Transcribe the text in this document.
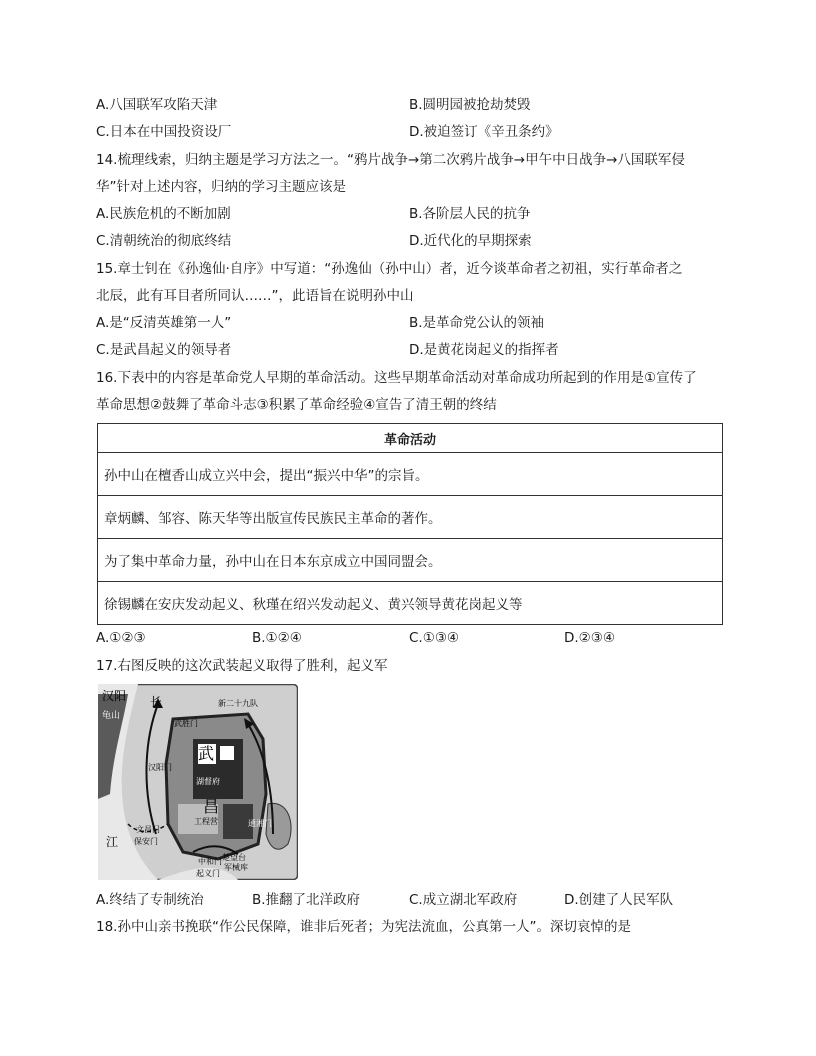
A.八国联军攻陷天津	B.圆明园被抢劫焚毁
C.日本在中国投资设厂	D.被迫签订《辛丑条约》
14.梳理线索，归纳主题是学习方法之一。“鸦片战争→第二次鸦片战争→甲午中日战争→八国联军侵
华”针对上述内容，归纳的学习主题应该是
A.民族危机的不断加剧	B.各阶层人民的抗争
C.清朝统治的彻底终结	D.近代化的早期探索
15.章士钊在《孙逸仙·自序》中写道：“孙逸仙（孙中山）者，近今谈革命者之初祖，实行革命者之
北辰，此有耳目者所同认……”，此语旨在说明孙中山
A.是“反清英雄第一人”	B.是革命党公认的领袖
C.是武昌起义的领导者	D.是黄花岗起义的指挥者
16.下表中的内容是革命党人早期的革命活动。这些早期革命活动对革命成功所起到的作用是①宣传了
革命思想②鼓舞了革命斗志③积累了革命经验④宣告了清王朝的终结
革命活动
孙中山在檀香山成立兴中会，提出“振兴中华”的宗旨。
章炳麟、邹容、陈天华等出版宣传民族民主革命的著作。
为了集中革命力量，孙中山在日本东京成立中国同盟会。
徐锡麟在安庆发动起义、秋瑾在绍兴发动起义、黄兴领导黄花岗起义等
A.①②③	B.①②④	C.①③④	D.②③④
17.右图反映的这次武装起义取得了胜利，起义军
汉阳
龟山
长
江
武
昌
武胜门
新二十九队
汉阳门
湖督府
文昌门
保安门
工程营	通湘门
楚望台
军械库
起义门
中和门
A.终结了专制统治	B.推翻了北洋政府	C.成立湖北军政府	D.创建了人民军队
18.孙中山亲书挽联“作公民保障，谁非后死者；为宪法流血，公真第一人”。深切哀悼的是
